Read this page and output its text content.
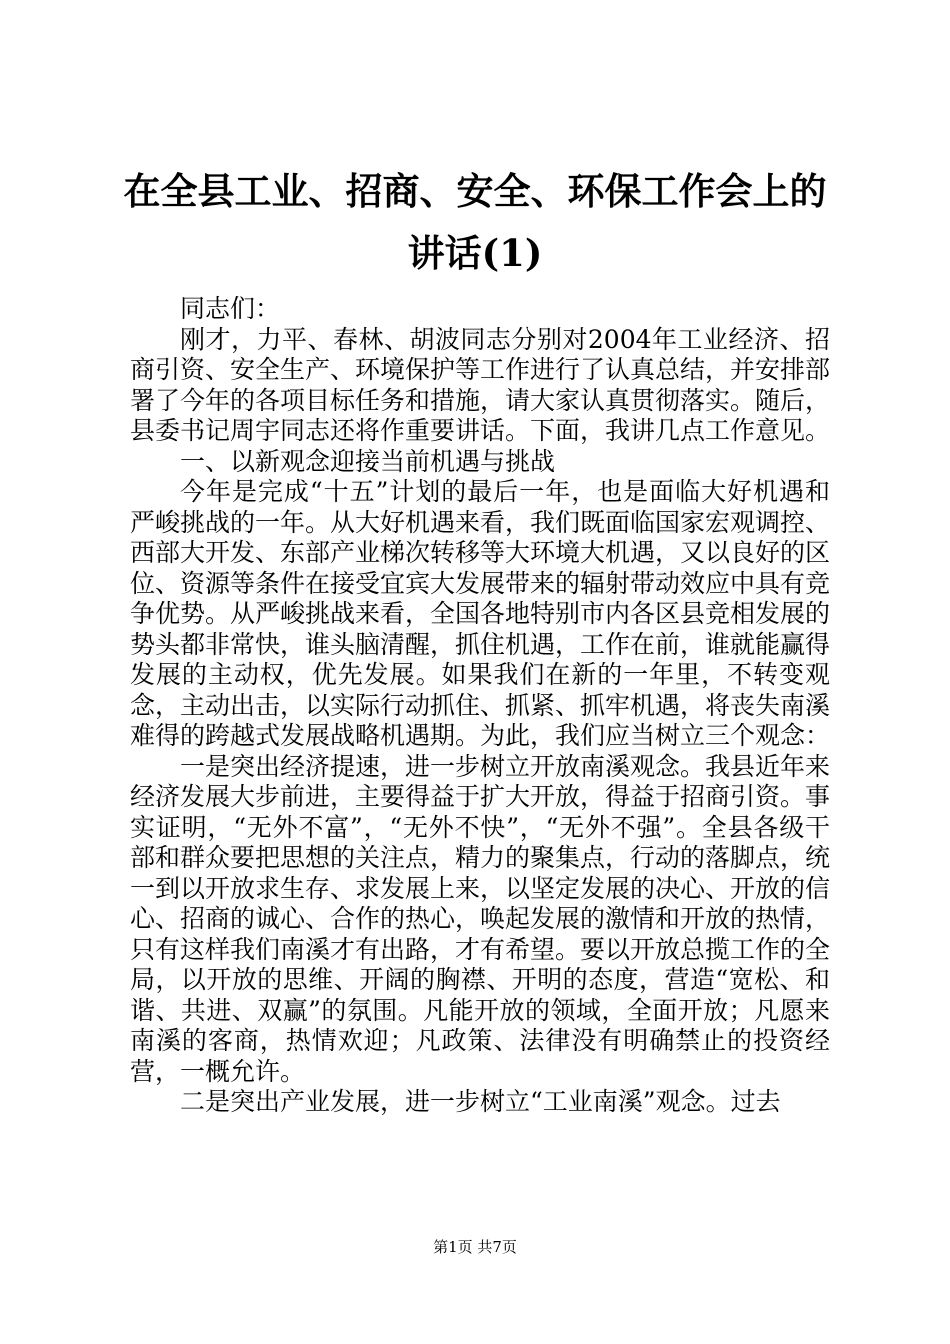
在全县工业、招商、安全、环保工作会上的讲话(1)

同志们：

刚才，力平、春林、胡波同志分别对2004年工业经济、招商引资、安全生产、环境保护等工作进行了认真总结，并安排部署了今年的各项目标任务和措施，请大家认真贯彻落实。随后，县委书记周宇同志还将作重要讲话。下面，我讲几点工作意见。

一、以新观念迎接当前机遇与挑战

今年是完成“十五”计划的最后一年，也是面临大好机遇和严峻挑战的一年。从大好机遇来看，我们既面临国家宏观调控、西部大开发、东部产业梯次转移等大环境大机遇，又以良好的区位、资源等条件在接受宜宾大发展带来的辐射带动效应中具有竞争优势。从严峻挑战来看，全国各地特别市内各区县竞相发展的势头都非常快，谁头脑清醒，抓住机遇，工作在前，谁就能赢得发展的主动权，优先发展。如果我们在新的一年里，不转变观念，主动出击，以实际行动抓住、抓紧、抓牢机遇，将丧失南溪难得的跨越式发展战略机遇期。为此，我们应当树立三个观念：

一是突出经济提速，进一步树立开放南溪观念。我县近年来经济发展大步前进，主要得益于扩大开放，得益于招商引资。事实证明，“无外不富”，“无外不快”，“无外不强”。全县各级干部和群众要把思想的关注点，精力的聚集点，行动的落脚点，统一到以开放求生存、求发展上来，以坚定发展的决心、开放的信心、招商的诚心、合作的热心，唤起发展的激情和开放的热情，只有这样我们南溪才有出路，才有希望。要以开放总揽工作的全局，以开放的思维、开阔的胸襟、开明的态度，营造“宽松、和谐、共进、双赢”的氛围。凡能开放的领域，全面开放；凡愿来南溪的客商，热情欢迎；凡政策、法律没有明确禁止的投资经营，一概允许。

二是突出产业发展，进一步树立“工业南溪”观念。过去

第1页 共7页
